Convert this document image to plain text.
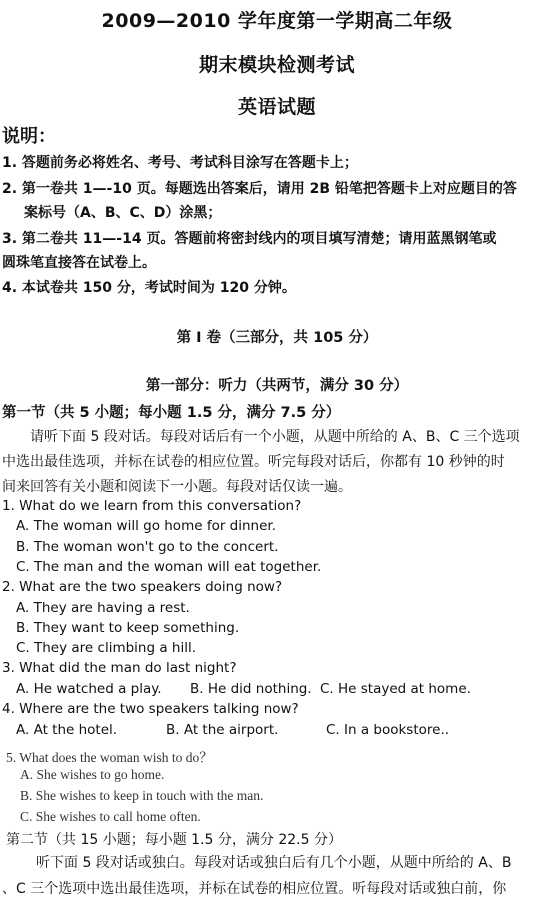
2009—2010 学年度第一学期高二年级
期末模块检测考试
英语试题
说明：
1. 答题前务必将姓名、考号、考试科目涂写在答题卡上；
2. 第一卷共 1—-10 页。每题选出答案后，请用 2B 铅笔把答题卡上对应题目的答
案标号（A、B、C、D）涂黑；
3. 第二卷共 11—-14 页。答题前将密封线内的项目填写清楚；请用蓝黑钢笔或
圆珠笔直接答在试卷上。
4. 本试卷共 150 分，考试时间为 120 分钟。
第 I 卷（三部分，共 105 分）
第一部分：听力（共两节，满分 30 分）
第一节（共 5 小题；每小题 1.5 分，满分 7.5 分）
请听下面 5 段对话。每段对话后有一个小题，从题中所给的 A、B、C 三个选项
中选出最佳选项，并标在试卷的相应位置。听完每段对话后，你都有 10 秒钟的时
间来回答有关小题和阅读下一小题。每段对话仅读一遍。
1. What do we learn from this conversation?
A. The woman will go home for dinner.
B. The woman won't go to the concert.
C. The man and the woman will eat together.
2. What are the two speakers doing now?
A. They are having a rest.
B. They want to keep something.
C. They are climbing a hill.
3. What did the man do last night?
A. He watched a play. B. He did nothing. C. He stayed at home.
4. Where are the two speakers talking now?
A. At the hotel.	B. At the airport.	C. In a bookstore..
5. What does the woman wish to do？
A. She wishes to go home.
B. She wishes to keep in touch with the man.
C. She wishes to call home often.
第二节（共 15 小题；每小题 1.5 分，满分 22.5 分）
听下面 5 段对话或独白。每段对话或独白后有几个小题，从题中所给的 A、B
、C 三个选项中选出最佳选项，并标在试卷的相应位置。听每段对话或独白前，你
